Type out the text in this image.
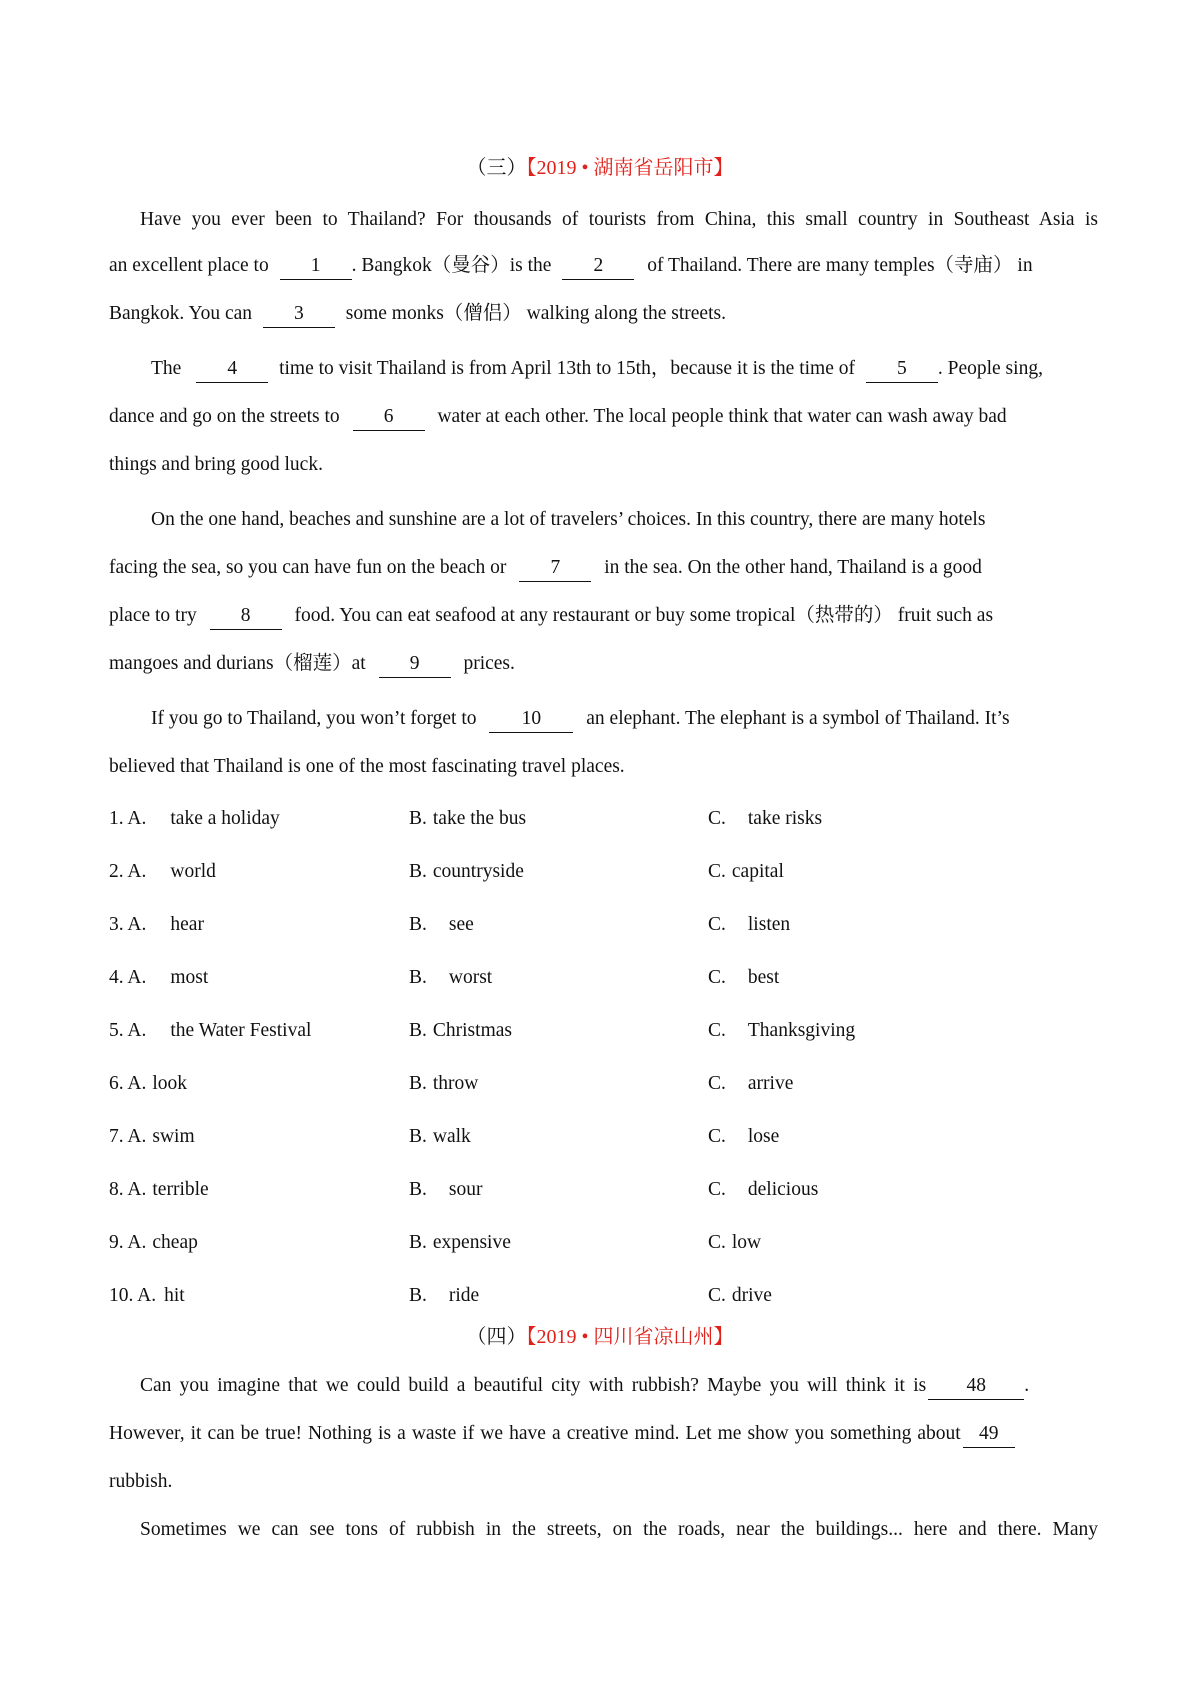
（三）【2019 • 湖南省岳阳市】
Have you ever been to Thailand? For thousands of tourists from China, this small country in Southeast Asia is
an excellent place to 1 . Bangkok（曼谷）is the 2 of Thailand. There are many temples（寺庙） in
Bangkok. You can 3 some monks（僧侣） walking along the streets.
The 4 time to visit Thailand is from April 13th to 15th，because it is the time of 5 . People sing,
dance and go on the streets to 6 water at each other. The local people think that water can wash away bad
things and bring good luck.
On the one hand, beaches and sunshine are a lot of travelers’ choices. In this country, there are many hotels
facing the sea, so you can have fun on the beach or 7 in the sea. On the other hand, Thailand is a good
place to try 8 food. You can eat seafood at any restaurant or buy some tropical（热带的） fruit such as
mangoes and durians（榴莲）at 9 prices.
If you go to Thailand, you won’t forget to 10 an elephant. The elephant is a symbol of Thailand. It’s
believed that Thailand is one of the most fascinating travel places.
1. A. take a holiday	B. take the bus	C. take risks
2. A. world	B. countryside	C. capital
3. A. hear	B. see	C. listen
4. A. most	B. worst	C. best
5. A. the Water Festival	B. Christmas	C. Thanksgiving
6. A. look	B. throw	C. arrive
7. A. swim	B. walk	C. lose
8. A. terrible	B. sour	C. delicious
9. A. cheap	B. expensive	C. low
10. A. hit	B. ride	C. drive
（四）【2019 • 四川省凉山州】
Can you imagine that we could build a beautiful city with rubbish? Maybe you will think it is 48 .
However, it can be true! Nothing is a waste if we have a creative mind. Let me show you something about 49
rubbish.
Sometimes we can see tons of rubbish in the streets, on the roads, near the buildings... here and there. Many
